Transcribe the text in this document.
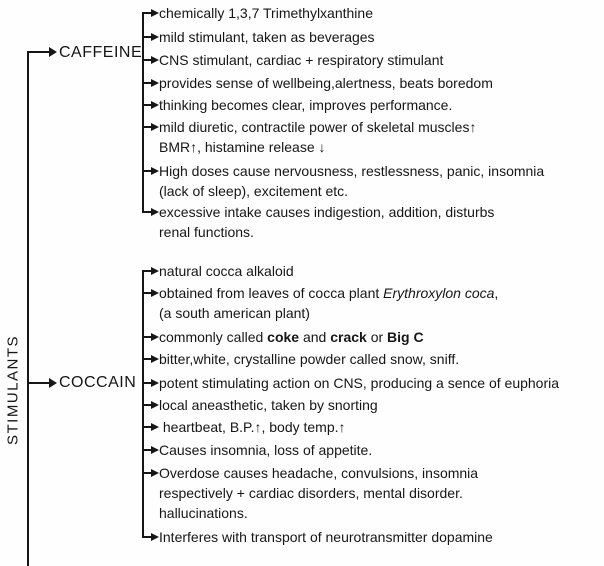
STIMULANTS
CAFFEINE
COCCAIN
chemically 1,3,7 Trimethylxanthine
mild stimulant, taken as beverages
CNS stimulant, cardiac + respiratory stimulant
provides sense of wellbeing,alertness, beats boredom
thinking becomes clear, improves performance.
mild diuretic, contractile power of skeletal muscles↑
BMR↑, histamine release ↓
High doses cause nervousness, restlessness, panic, insomnia
(lack of sleep), excitement etc.
excessive intake causes indigestion, addition, disturbs
renal functions.
natural cocca alkaloid
obtained from leaves of cocca plant Erythroxylon coca,
(a south american plant)
commonly called coke and crack or Big C
bitter,white, crystalline powder called snow, sniff.
potent stimulating action on CNS, producing a sence of euphoria
local aneasthetic, taken by snorting
heartbeat, B.P.↑, body temp.↑
Causes insomnia, loss of appetite.
Overdose causes headache, convulsions, insomnia
respectively + cardiac disorders, mental disorder.
hallucinations.
Interferes with transport of neurotransmitter dopamine
